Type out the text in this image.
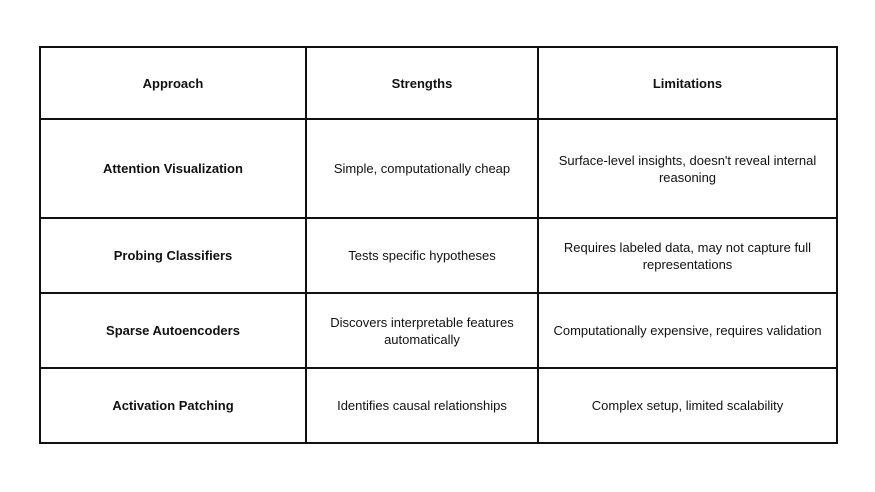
Approach	Strengths	Limitations
Attention Visualization	Simple, computationally cheap	Surface-level insights, doesn't reveal internal reasoning
Probing Classifiers	Tests specific hypotheses	Requires labeled data, may not capture full representations
Sparse Autoencoders	Discovers interpretable features automatically	Computationally expensive, requires validation
Activation Patching	Identifies causal relationships	Complex setup, limited scalability
